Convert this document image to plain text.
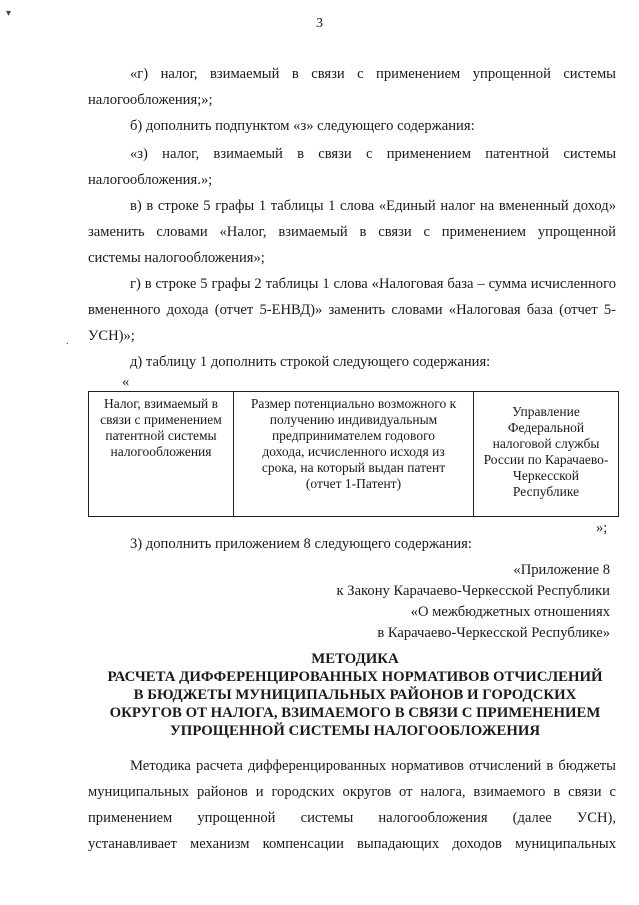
▾
.
3
«г) налог, взимаемый в связи с применением упрощенной системы
налогообложения;»;
б) дополнить подпунктом «з» следующего содержания:
«з) налог, взимаемый в связи с применением патентной системы
налогообложения.»;
в) в строке 5 графы 1 таблицы 1 слова «Единый налог на вмененный доход»
заменить словами «Налог, взимаемый в связи с применением упрощенной
системы налогообложения»;
г) в строке 5 графы 2 таблицы 1 слова «Налоговая база – сумма исчисленного
вмененного дохода (отчет 5-ЕНВД)» заменить словами «Налоговая база (отчет 5-
УСН)»;
д) таблицу 1 дополнить строкой следующего содержания:
«
Налог, взимаемый в
связи с применением
патентной системы
налогообложения

Размер потенциально возможного к
получению индивидуальным
предпринимателем годового
дохода, исчисленного исходя из
срока, на который выдан патент
(отчет 1-Патент)

Управление
Федеральной
налоговой службы
России по Карачаево-
Черкесской
Республике
»;
3) дополнить приложением 8 следующего содержания:
«Приложение 8
к Закону Карачаево-Черкесской Республики
«О межбюджетных отношениях
в Карачаево-Черкесской Республике»
МЕТОДИКА
РАСЧЕТА ДИФФЕРЕНЦИРОВАННЫХ НОРМАТИВОВ ОТЧИСЛЕНИЙ
В БЮДЖЕТЫ МУНИЦИПАЛЬНЫХ РАЙОНОВ И ГОРОДСКИХ
ОКРУГОВ ОТ НАЛОГА, ВЗИМАЕМОГО В СВЯЗИ С ПРИМЕНЕНИЕМ
УПРОЩЕННОЙ СИСТЕМЫ НАЛОГООБЛОЖЕНИЯ
Методика расчета дифференцированных нормативов отчислений в бюджеты
муниципальных районов и городских округов от налога, взимаемого в связи с
применением упрощенной системы налогообложения (далее УСН),
устанавливает механизм компенсации выпадающих доходов муниципальных
